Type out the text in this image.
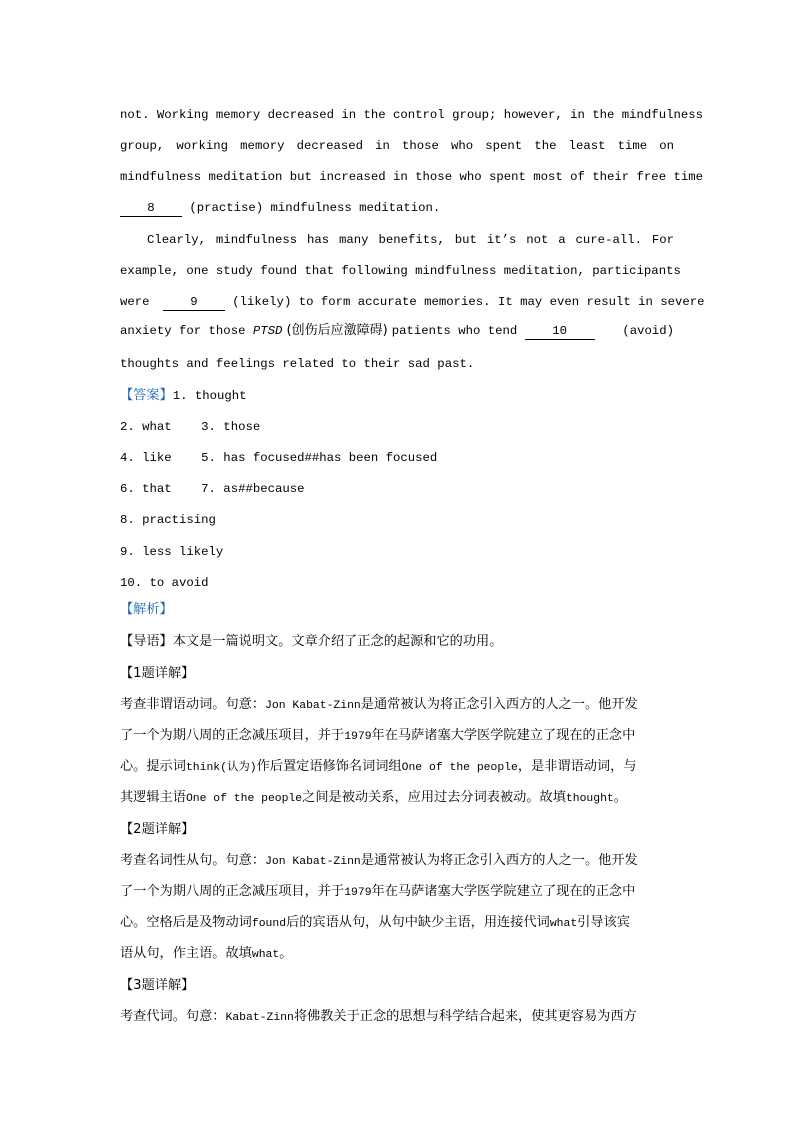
not. Working memory decreased in the control group; however, in the mindfulness
group, working memory decreased in those who spent the least time on
mindfulness meditation but increased in those who spent most of their free time
8 (practise) mindfulness meditation.
Clearly, mindfulness has many benefits, but it’s not a cure-all. For
example, one study found that following mindfulness meditation, participants
were	9 (likely) to form accurate memories. It may even result in severe
anxiety for those PTSD (创伤后应激障碍) patients who tend 10	(avoid)
thoughts and feelings related to their sad past.
【答案】1. thought
2. what    3. those
4. like    5. has focused##has been focused
6. that    7. as##because
8. practising
9. less likely
10. to avoid
【解析】
【导语】本文是一篇说明文。文章介绍了正念的起源和它的功用。
【1题详解】
考查非谓语动词。句意：Jon Kabat-Zinn是通常被认为将正念引入西方的人之一。他开发
了一个为期八周的正念减压项目，并于1979年在马萨诸塞大学医学院建立了现在的正念中
心。提示词think(认为)作后置定语修饰名词词组One of the people，是非谓语动词，与
其逻辑主语One of the people之间是被动关系，应用过去分词表被动。故填thought。
【2题详解】
考查名词性从句。句意：Jon Kabat-Zinn是通常被认为将正念引入西方的人之一。他开发
了一个为期八周的正念减压项目，并于1979年在马萨诸塞大学医学院建立了现在的正念中
心。空格后是及物动词found后的宾语从句，从句中缺少主语，用连接代词what引导该宾
语从句，作主语。故填what。
【3题详解】
考查代词。句意：Kabat-Zinn将佛教关于正念的思想与科学结合起来，使其更容易为西方
